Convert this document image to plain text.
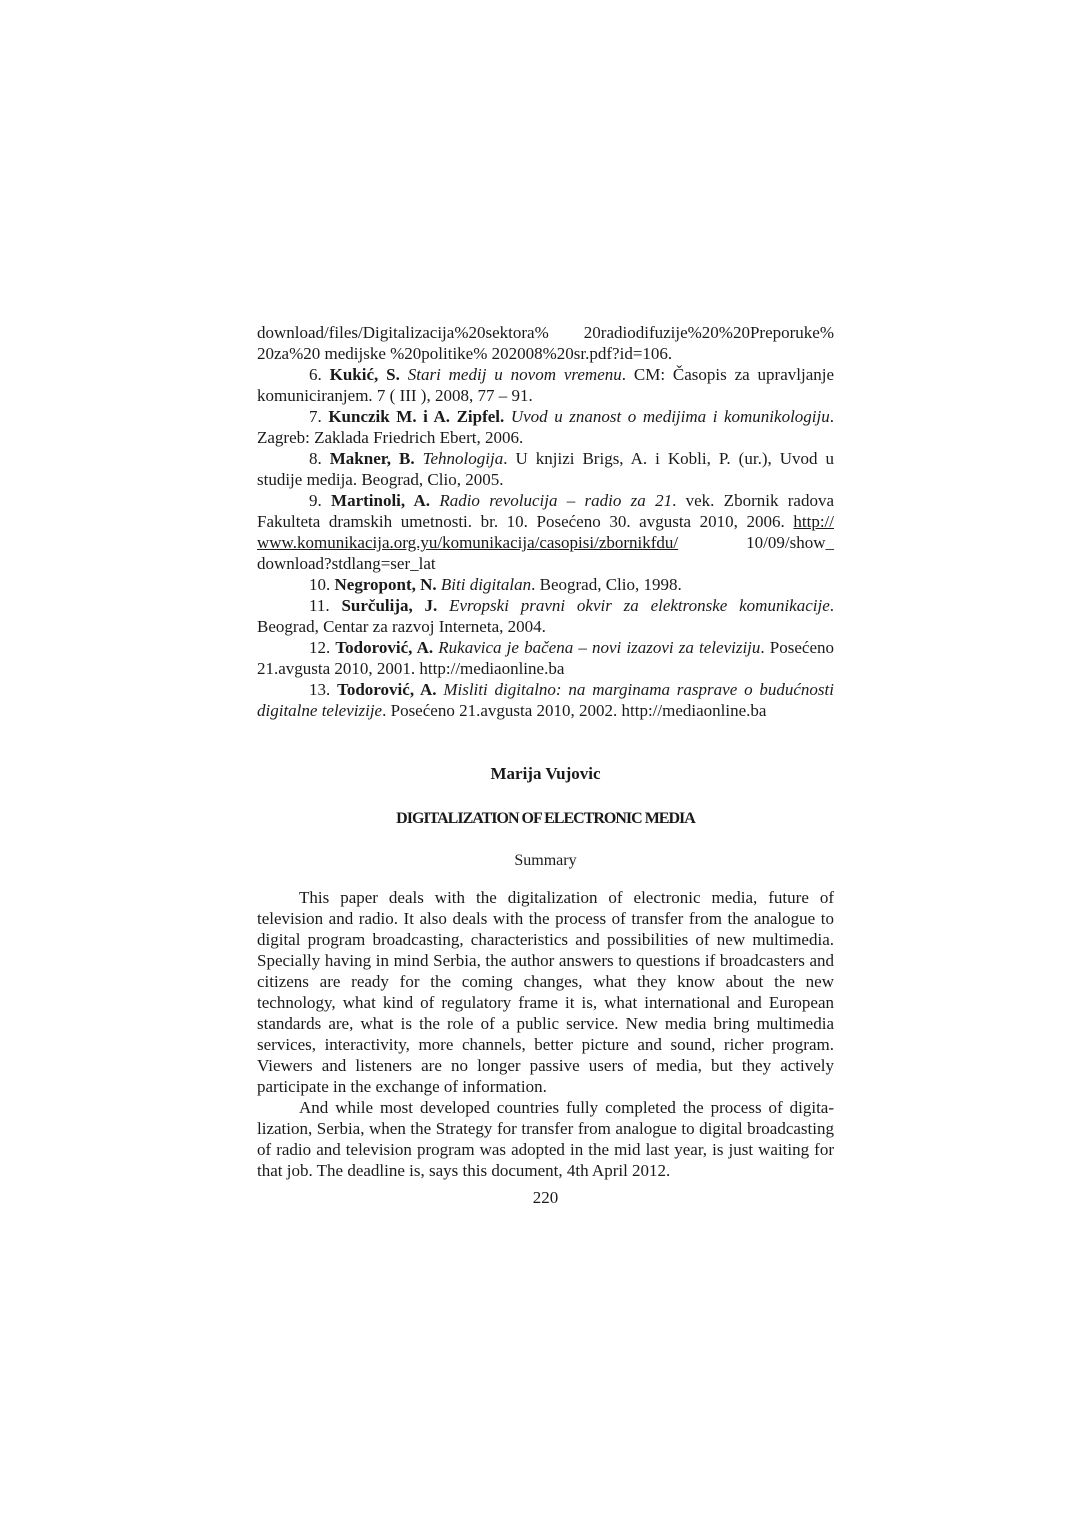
download/files/Digitalizacija%20sektora% 20radiodifuzije%20%20Preporuke% 20za%20 medijske %20politike% 202008%20sr.pdf?id=106.

6. Kukić, S. Stari medij u novom vremenu. CM: Časopis za upravljanje komuniciranjem. 7 ( III ), 2008, 77 – 91.

7. Kunczik M. i A. Zipfel. Uvod u znanost o medijima i komunikologiju. Zagreb: Zaklada Friedrich Ebert, 2006.

8. Makner, B. Tehnologija. U knjizi Brigs, A. i Kobli, P. (ur.), Uvod u studije medija. Beograd, Clio, 2005.

9. Martinoli, A. Radio revolucija – radio za 21. vek. Zbornik radova Fakulteta dramskih umetnosti. br. 10. Posećeno 30. avgusta 2010, 2006. http:// www.komunikacija.org.yu/komunikacija/casopisi/zbornikfdu/ 10/09/show_ download?stdlang=ser_lat

10. Negropont, N. Biti digitalan. Beograd, Clio, 1998.

11. Surčulija, J. Evropski pravni okvir za elektronske komunikacije. Beograd, Centar za razvoj Interneta, 2004.

12. Todorović, A. Rukavica je bačena – novi izazovi za televiziju. Posećeno 21.avgusta 2010, 2001. http://mediaonline.ba

13. Todorović, A. Misliti digitalno: na marginama rasprave o budućnosti digitalne televizije. Posećeno 21.avgusta 2010, 2002. http://mediaonline.ba

Marija Vujovic
DIGITALIZATION OF ELECTRONIC MEDIA
Summary

This paper deals with the digitalization of electronic media, future of television and radio. It also deals with the process of transfer from the analogue to digital program broadcasting, characteristics and possibilities of new multimedia. Specially having in mind Serbia, the author answers to questions if broadcasters and citizens are ready for the coming changes, what they know about the new technology, what kind of regulatory frame it is, what international and European standards are, what is the role of a public service. New media bring multimedia services, interactivity, more channels, better picture and sound, richer program. Viewers and listeners are no longer passive users of media, but they actively participate in the exchange of information.

And while most developed countries fully completed the process of digita-lization, Serbia, when the Strategy for transfer from analogue to digital broadcasting of radio and television program was adopted in the mid last year, is just waiting for that job. The deadline is, says this document, 4th April 2012.

220
